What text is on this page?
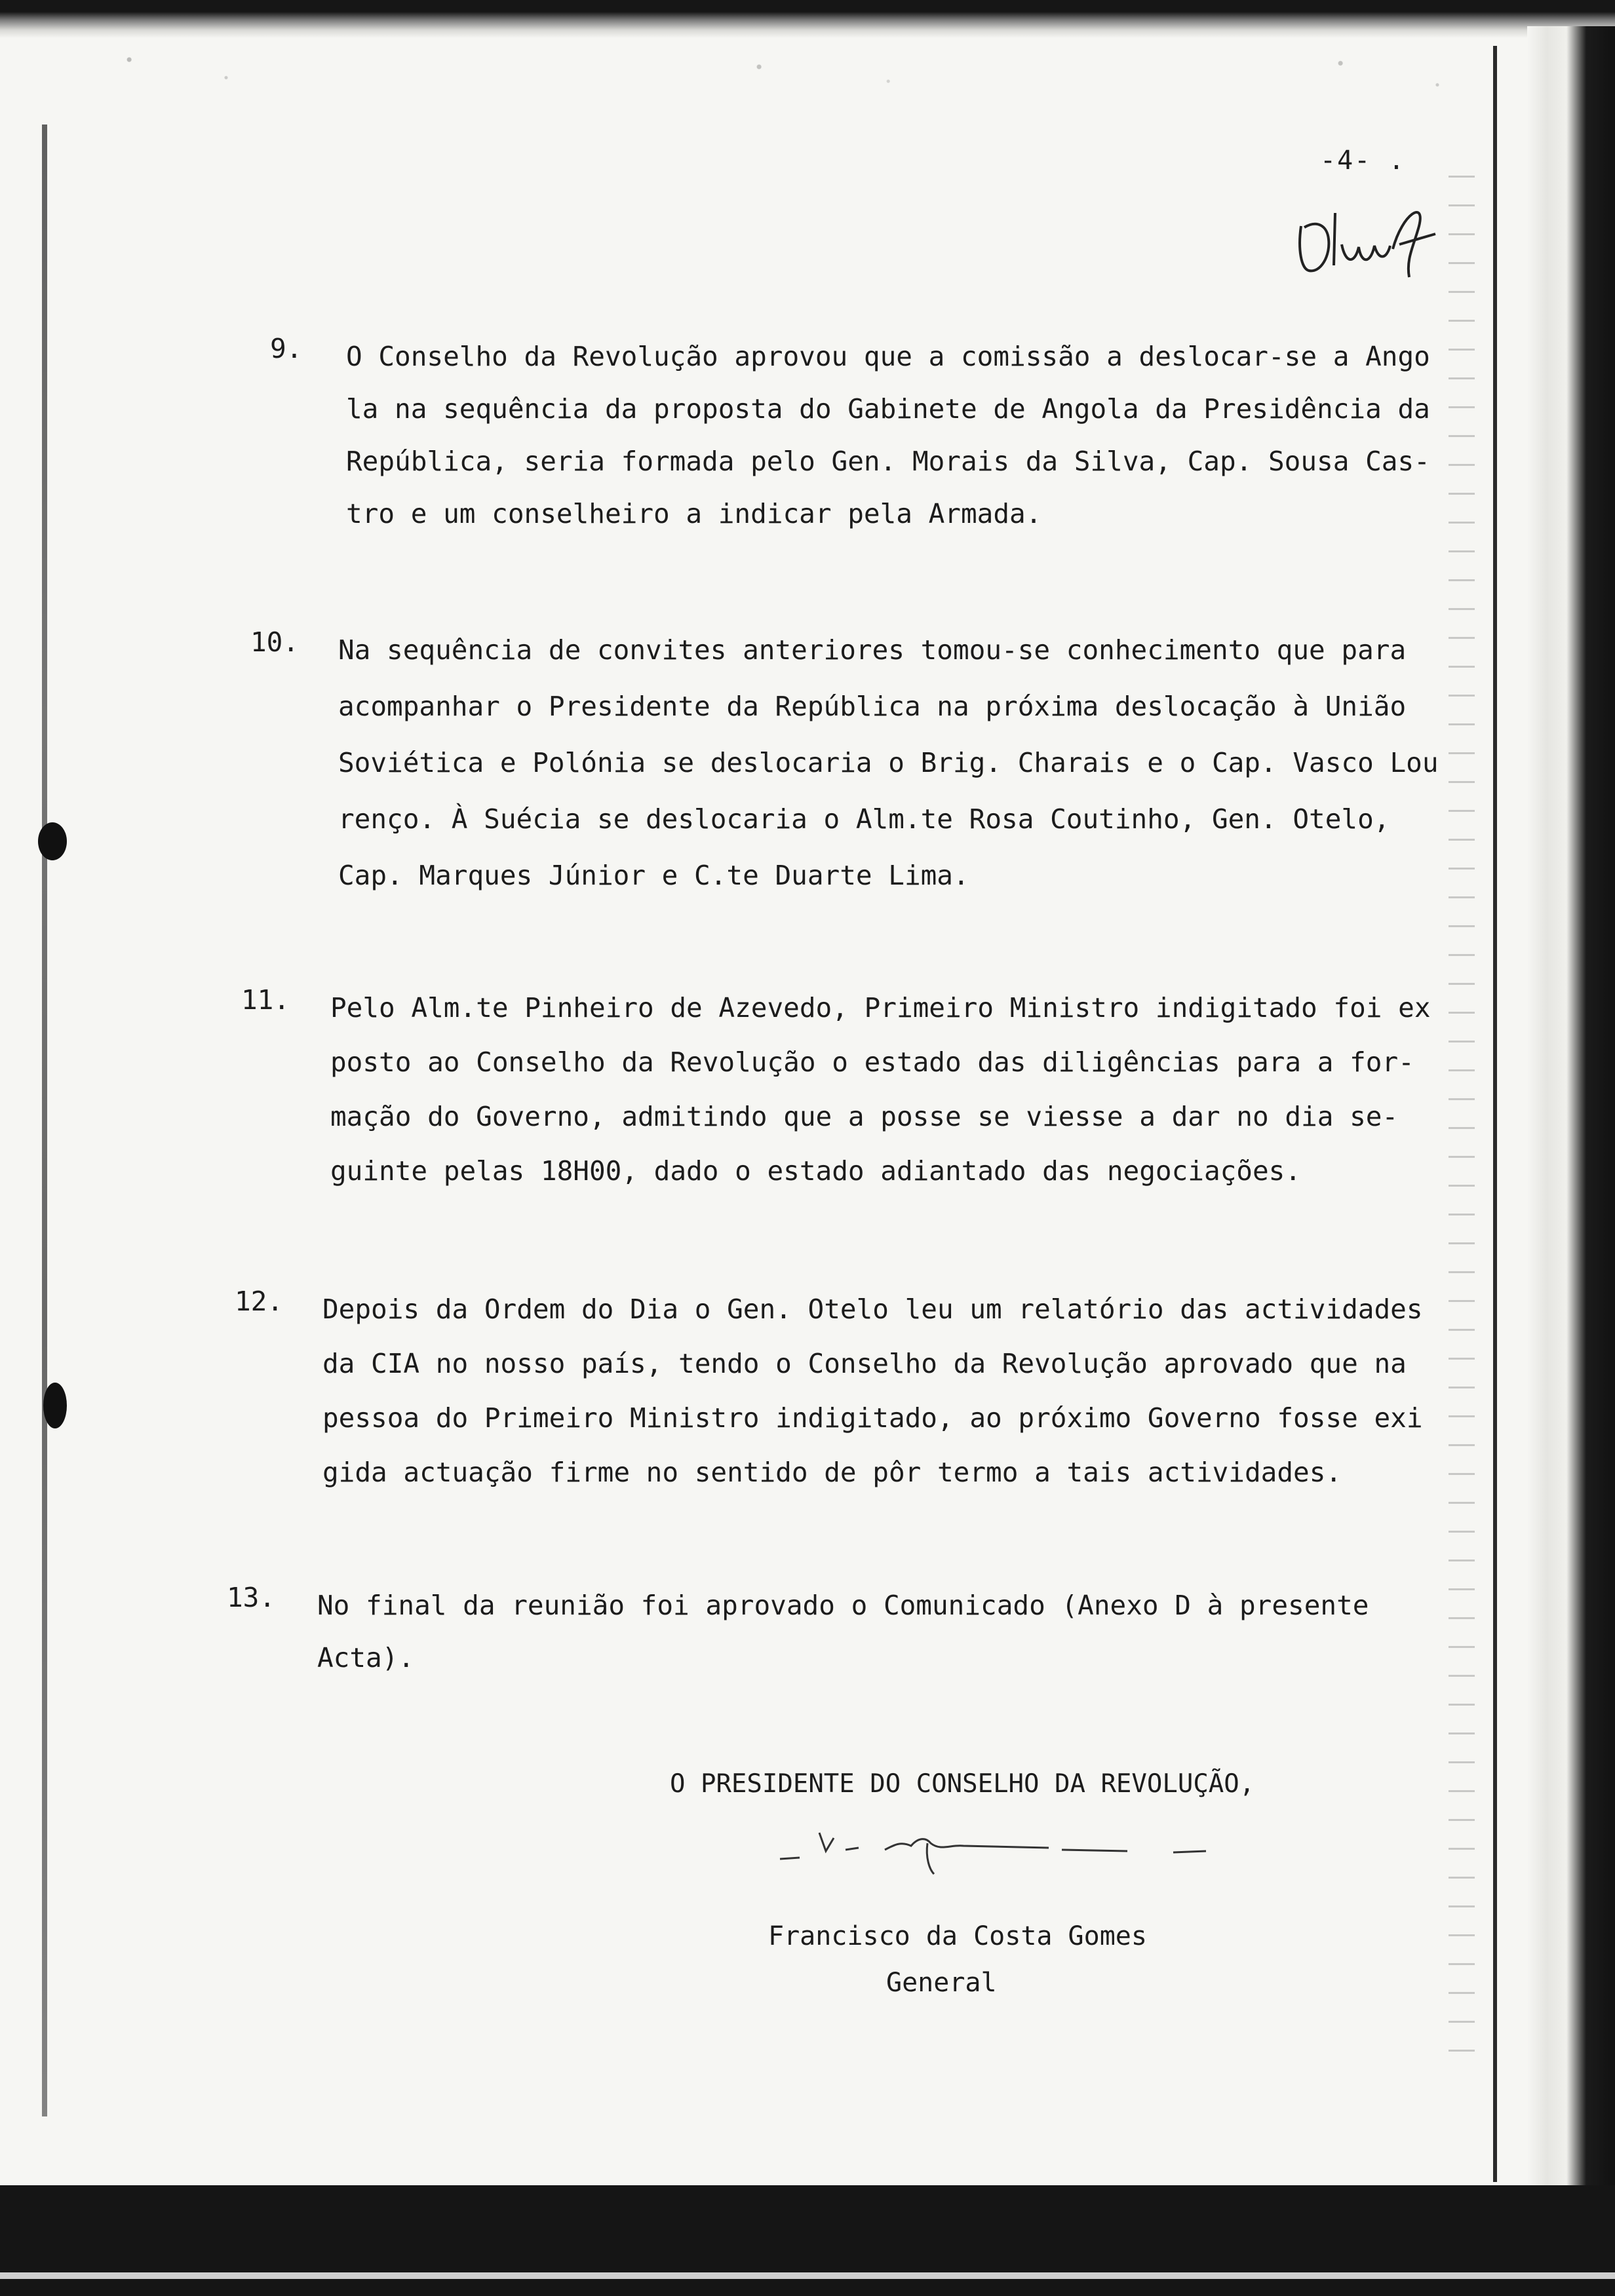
-4- .
9. O Conselho da Revolução aprovou que a comissão a deslocar-se a Ango
la na sequência da proposta do Gabinete de Angola da Presidência da
República, seria formada pelo Gen. Morais da Silva, Cap. Sousa Cas-
tro e um conselheiro a indicar pela Armada.
10. Na sequência de convites anteriores tomou-se conhecimento que para
acompanhar o Presidente da República na próxima deslocação à União
Soviética e Polónia se deslocaria o Brig. Charais e o Cap. Vasco Lou
renço. À Suécia se deslocaria o Alm.te Rosa Coutinho, Gen. Otelo,
Cap. Marques Júnior e C.te Duarte Lima.
11. Pelo Alm.te Pinheiro de Azevedo, Primeiro Ministro indigitado foi ex
posto ao Conselho da Revolução o estado das diligências para a for-
mação do Governo, admitindo que a posse se viesse a dar no dia se-
guinte pelas 18H00, dado o estado adiantado das negociações.
12. Depois da Ordem do Dia o Gen. Otelo leu um relatório das actividades
da CIA no nosso país, tendo o Conselho da Revolução aprovado que na
pessoa do Primeiro Ministro indigitado, ao próximo Governo fosse exi
gida actuação firme no sentido de pôr termo a tais actividades.
13. No final da reunião foi aprovado o Comunicado (Anexo D à presente
Acta).
O PRESIDENTE DO CONSELHO DA REVOLUÇÃO,
Francisco da Costa Gomes
General
